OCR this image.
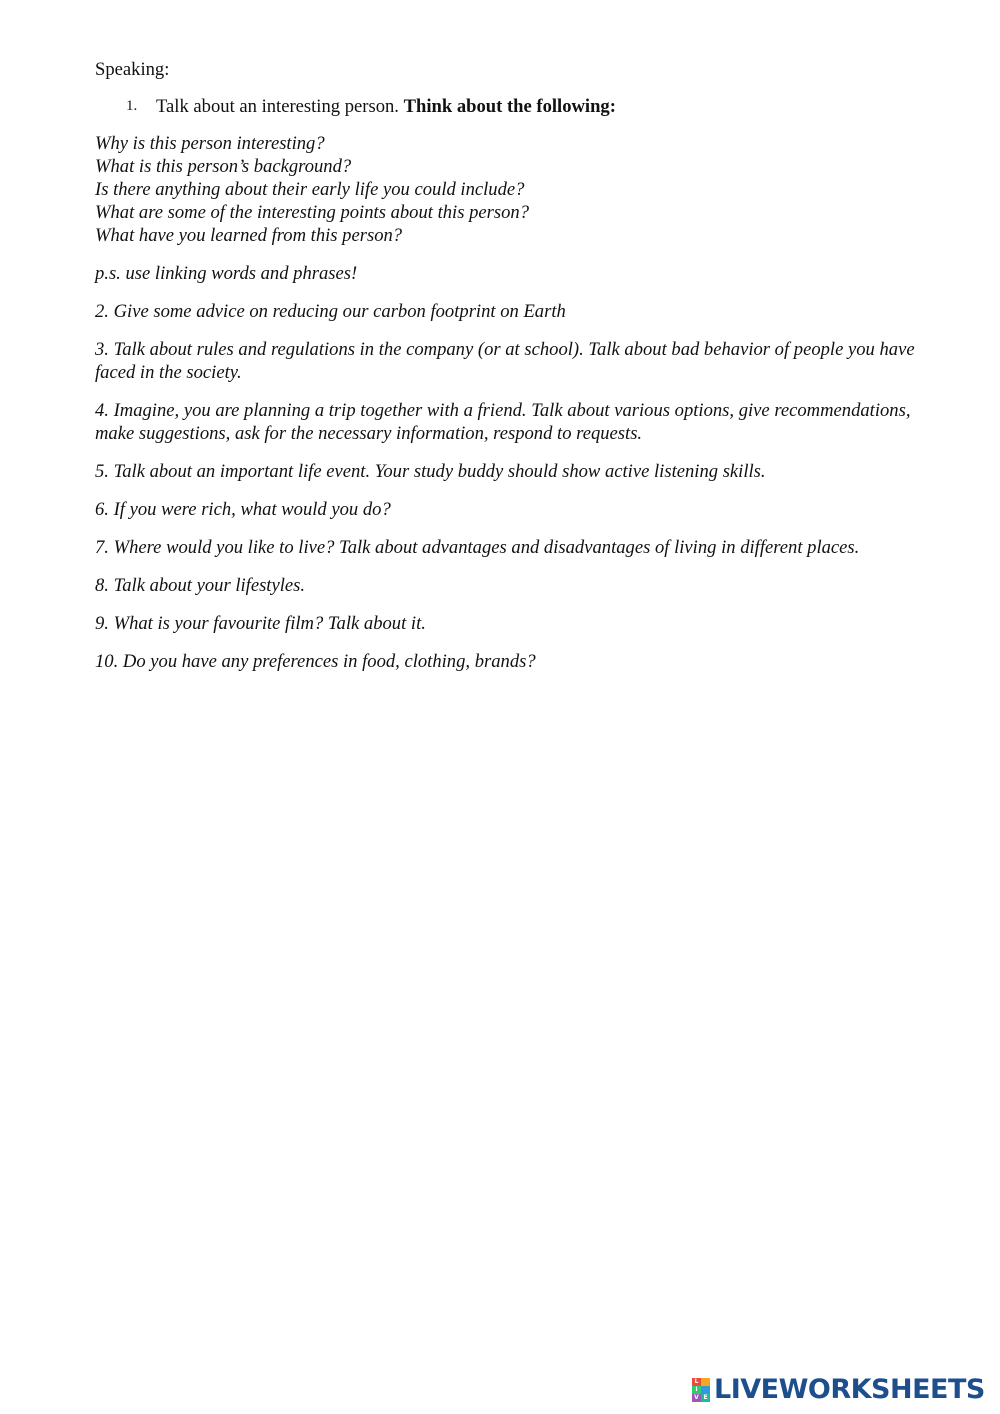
Speaking:
1.	Talk about an interesting person. Think about the following:
Why is this person interesting?
What is this person’s background?
Is there anything about their early life you could include?
What are some of the interesting points about this person?
What have you learned from this person?
p.s. use linking words and phrases!
2. Give some advice on reducing our carbon footprint on Earth
3. Talk about rules and regulations in the company (or at school). Talk about bad behavior of people you have faced in the society.
4. Imagine, you are planning a trip together with a friend. Talk about various options, give recommendations, make suggestions, ask for the necessary information, respond to requests.
5. Talk about an important life event. Your study buddy should show active listening skills.
6. If you were rich, what would you do?
7. Where would you like to live? Talk about advantages and disadvantages of living in different places.
8. Talk about your lifestyles.
9. What is your favourite film? Talk about it.
10. Do you have any preferences in food, clothing, brands?
L
I
V E LIVEWORKSHEETS
